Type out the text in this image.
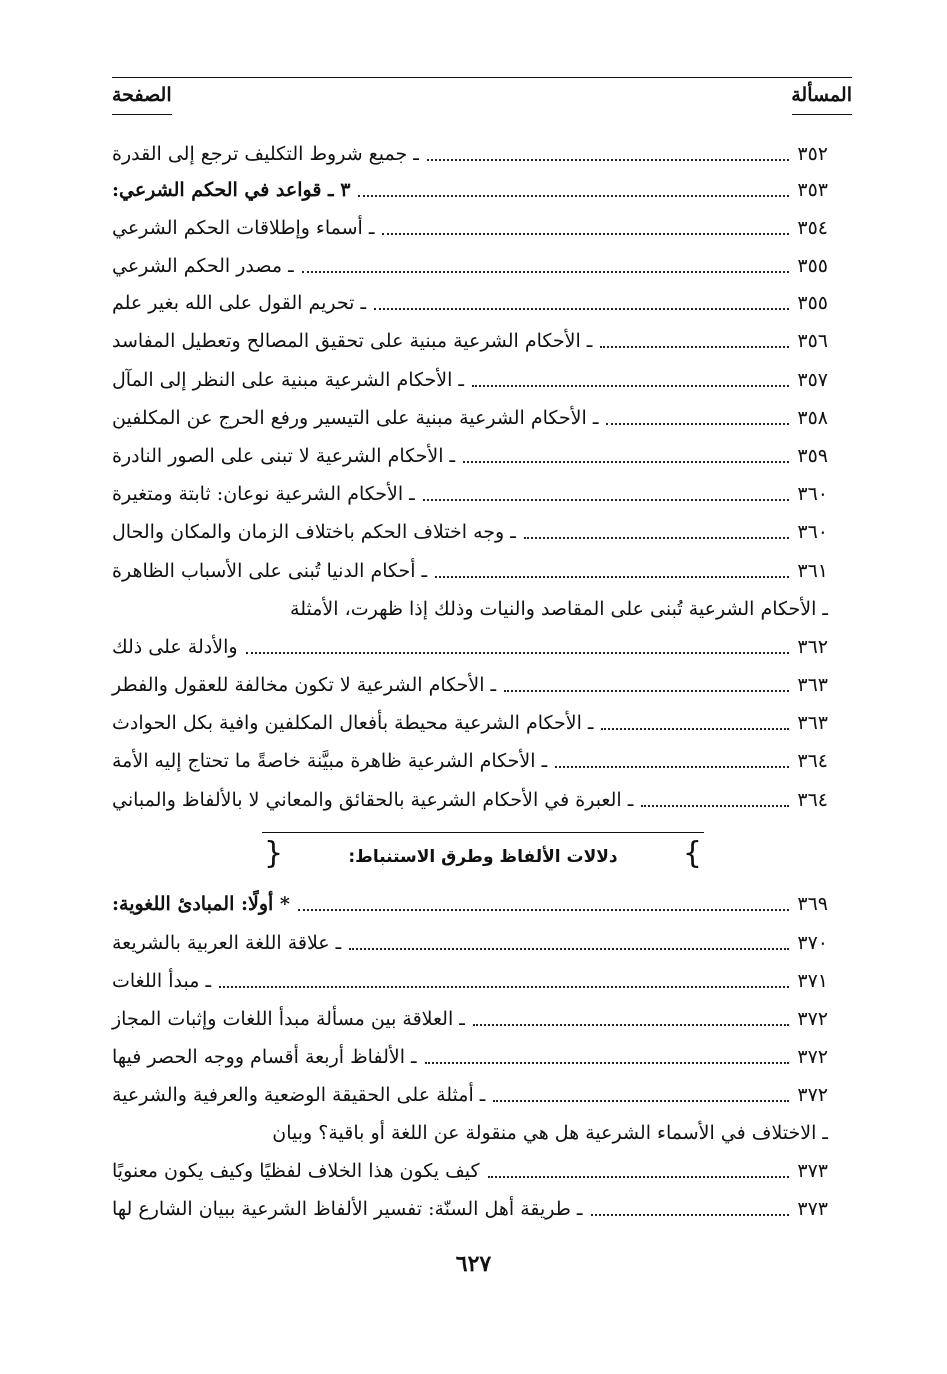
المسألة
الصفحة
ـ جميع شروط التكليف ترجع إلى القدرة	٣٥٢
٣ ـ قواعد في الحكم الشرعي:	٣٥٣
ـ أسماء وإطلاقات الحكم الشرعي	٣٥٤
ـ مصدر الحكم الشرعي	٣٥٥
ـ تحريم القول على الله بغير علم	٣٥٥
ـ الأحكام الشرعية مبنية على تحقيق المصالح وتعطيل المفاسد	٣٥٦
ـ الأحكام الشرعية مبنية على النظر إلى المآل	٣٥٧
ـ الأحكام الشرعية مبنية على التيسير ورفع الحرج عن المكلفين	٣٥٨
ـ الأحكام الشرعية لا تبنى على الصور النادرة	٣٥٩
ـ الأحكام الشرعية نوعان: ثابتة ومتغيرة	٣٦٠
ـ وجه اختلاف الحكم باختلاف الزمان والمكان والحال	٣٦٠
ـ أحكام الدنيا تُبنى على الأسباب الظاهرة	٣٦١
ـ الأحكام الشرعية تُبنى على المقاصد والنيات وذلك إذا ظهرت، الأمثلة
والأدلة على ذلك	٣٦٢
ـ الأحكام الشرعية لا تكون مخالفة للعقول والفطر	٣٦٣
ـ الأحكام الشرعية محيطة بأفعال المكلفين وافية بكل الحوادث	٣٦٣
ـ الأحكام الشرعية ظاهرة مبيَّنة خاصةً ما تحتاج إليه الأمة	٣٦٤
ـ العبرة في الأحكام الشرعية بالحقائق والمعاني لا بالألفاظ والمباني	٣٦٤
{
دلالات الألفاظ وطرق الاستنباط:
}
* أولًا: المبادئ اللغوية:	٣٦٩
ـ علاقة اللغة العربية بالشريعة	٣٧٠
ـ مبدأ اللغات	٣٧١
ـ العلاقة بين مسألة مبدأ اللغات وإثبات المجاز	٣٧٢
ـ الألفاظ أربعة أقسام ووجه الحصر فيها	٣٧٢
ـ أمثلة على الحقيقة الوضعية والعرفية والشرعية	٣٧٢
ـ الاختلاف في الأسماء الشرعية هل هي منقولة عن اللغة أو باقية؟ وبيان
كيف يكون هذا الخلاف لفظيًا وكيف يكون معنويًا	٣٧٣
ـ طريقة أهل السنّة: تفسير الألفاظ الشرعية ببيان الشارع لها	٣٧٣
٦٢٧
